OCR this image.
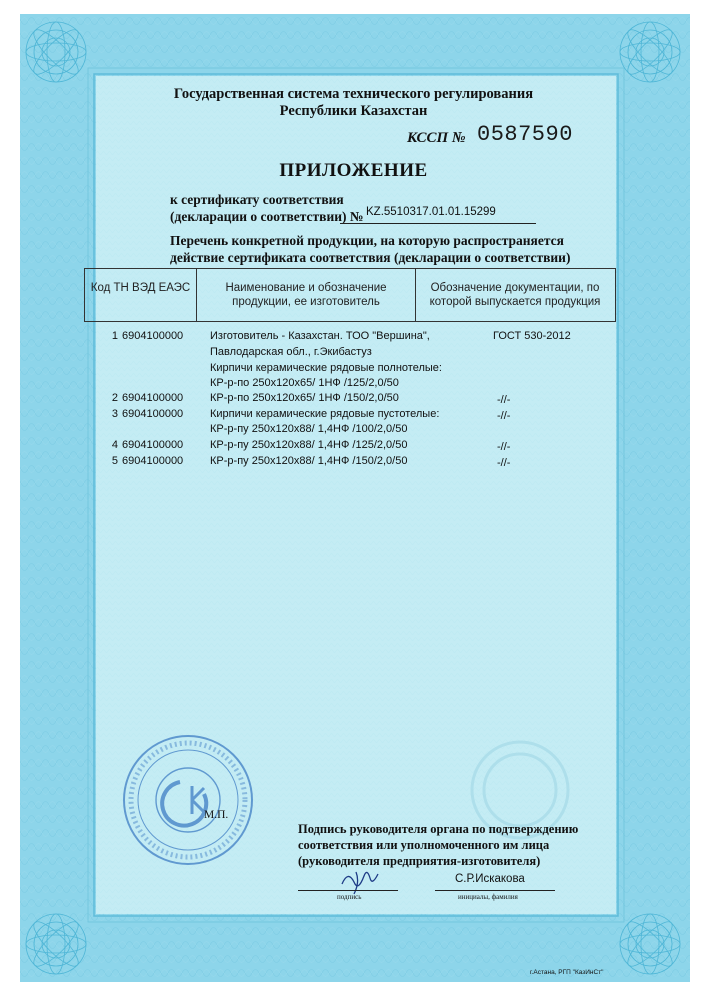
Государственная система технического регулирования
Республики Казахстан
КССП № 0587590
ПРИЛОЖЕНИЕ
к сертификату соответствия
(декларации о соответствии) № KZ.5510317.01.01.15299
Перечень конкретной продукции, на которую распространяется
действие сертификата соответствия (декларации о соответствии)
Код ТН ВЭД ЕАЭС	Наименование и обозначение продукции, ее изготовитель
Обозначение документации, по которой выпускается продукция
1 6904100000 Изготовитель - Казахстан. ТОО "Вершина",
Павлодарская обл., г.Экибастуз
Кирпичи керамические рядовые полнотелые:
КР-р-по 250х120х65/ 1НФ /125/2,0/50
ГОСТ 530-2012
2 6904100000 КР-р-по 250х120х65/ 1НФ /150/2,0/50	-//-
3 6904100000 Кирпичи керамические рядовые пустотелые:
КР-р-пу 250х120х88/ 1,4НФ /100/2,0/50
-//-
4 6904100000 КР-р-пу 250х120х88/ 1,4НФ /125/2,0/50	-//-
5 6904100000 КР-р-пу 250х120х88/ 1,4НФ /150/2,0/50	-//-
М.П.
Подпись руководителя органа по подтверждению
соответствия или уполномоченного им лица
(руководителя предприятия-изготовителя)
С.Р.Искакова
подпись	инициалы, фамилия
г.Астана, РГП "КазИнСт"
